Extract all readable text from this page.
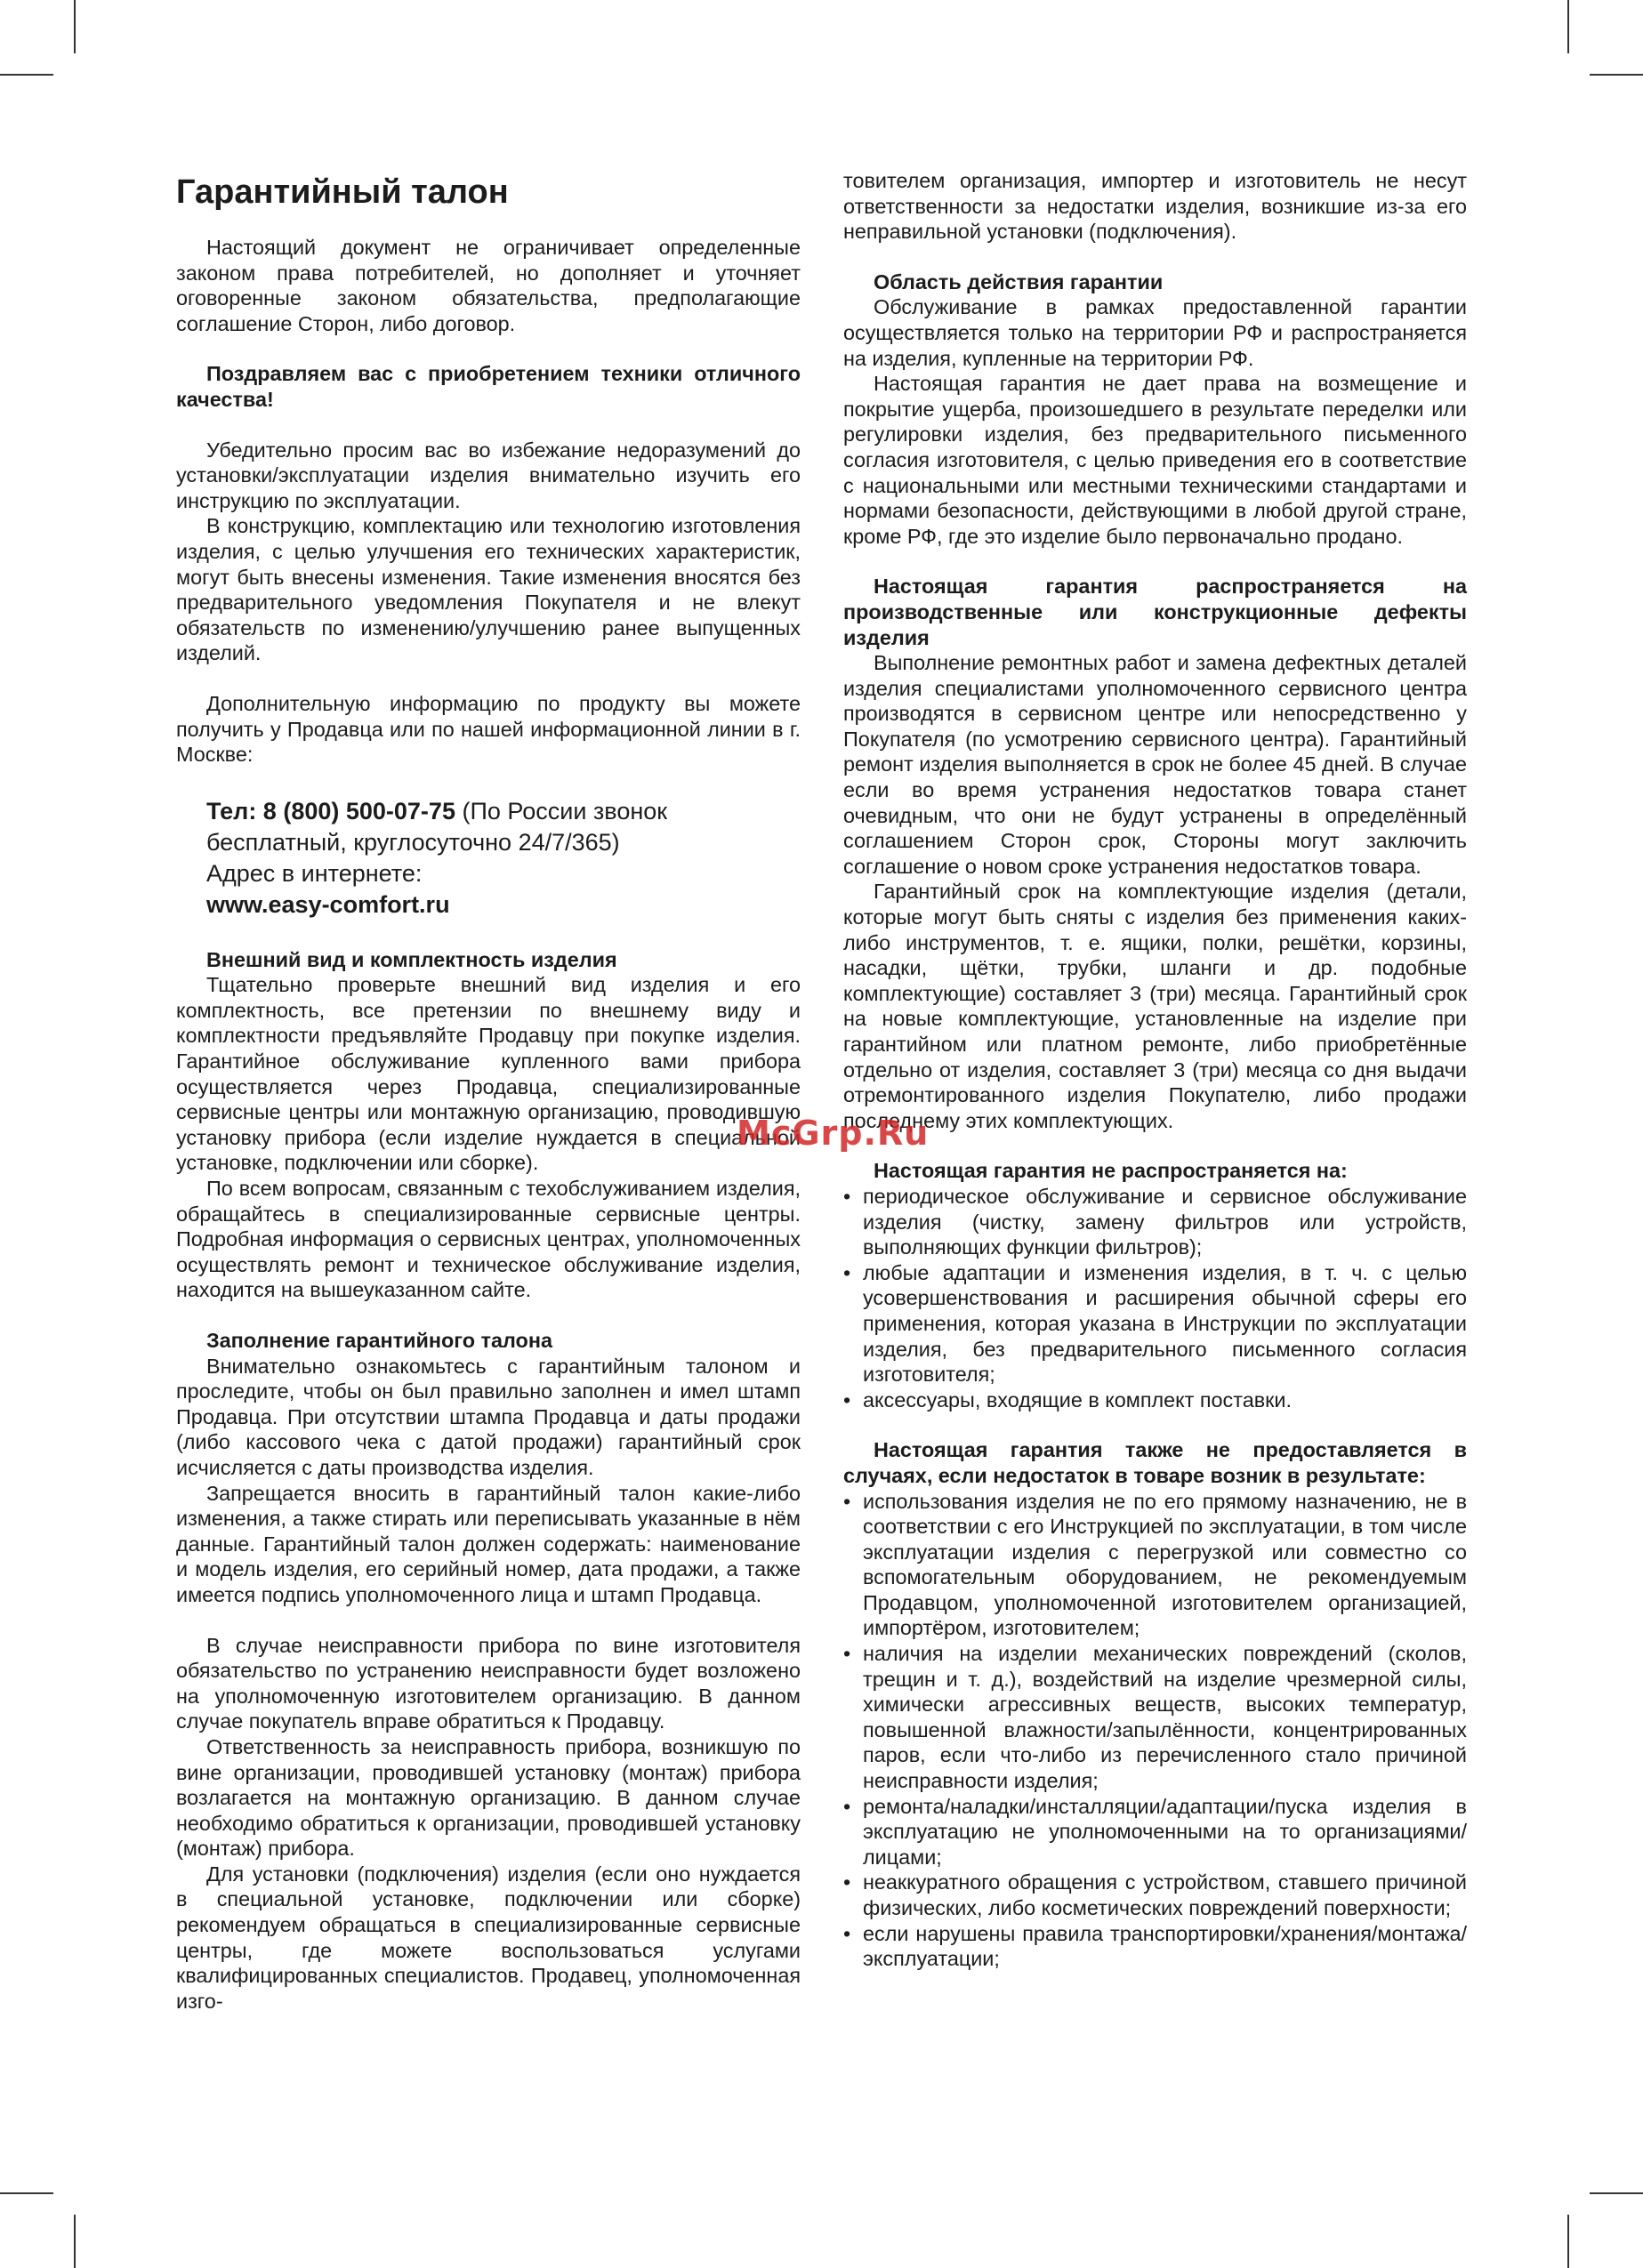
Гарантийный талон

Настоящий документ не ограничивает определенные законом права потребителей, но дополняет и уточняет оговоренные законом обязательства, предполагающие соглашение Сторон, либо договор.

Поздравляем вас с приобретением техники отличного качества!

Убедительно просим вас во избежание недоразумений до установки/эксплуатации изделия внимательно изучить его инструкцию по эксплуатации.

В конструкцию, комплектацию или технологию изготовления изделия, с целью улучшения его технических характеристик, могут быть внесены изменения. Такие изменения вносятся без предварительного уведомления Покупателя и не влекут обязательств по изменению/улучшению ранее выпущенных изделий.

Дополнительную информацию по продукту вы можете получить у Продавца или по нашей информационной линии в г. Москве:

Тел: 8 (800) 500-07-75 (По России звонок бесплатный, круглосуточно 24/7/365)
Адрес в интернете:
www.easy-comfort.ru

Внешний вид и комплектность изделия

Тщательно проверьте внешний вид изделия и его комплектность, все претензии по внешнему виду и комплектности предъявляйте Продавцу при покупке изделия. Гарантийное обслуживание купленного вами прибора осуществляется через Продавца, специализированные сервисные центры или монтажную организацию, проводившую установку прибора (если изделие нуждается в специальной установке, подключении или сборке).

По всем вопросам, связанным с техобслуживанием изделия, обращайтесь в специализированные сервисные центры. Подробная информация о сервисных центрах, уполномоченных осуществлять ремонт и техническое обслуживание изделия, находится на вышеуказанном сайте.

Заполнение гарантийного талона

Внимательно ознакомьтесь с гарантийным талоном и проследите, чтобы он был правильно заполнен и имел штамп Продавца. При отсутствии штампа Продавца и даты продажи (либо кассового чека с датой продажи) гарантийный срок исчисляется с даты производства изделия.

Запрещается вносить в гарантийный талон какие-либо изменения, а также стирать или переписывать указанные в нём данные. Гарантийный талон должен содержать: наименование и модель изделия, его серийный номер, дата продажи, а также имеется подпись уполномоченного лица и штамп Продавца.

В случае неисправности прибора по вине изготовителя обязательство по устранению неисправности будет возложено на уполномоченную изготовителем организацию. В данном случае покупатель вправе обратиться к Продавцу.

Ответственность за неисправность прибора, возникшую по вине организации, проводившей установку (монтаж) прибора возлагается на монтажную организацию. В данном случае необходимо обратиться к организации, проводившей установку (монтаж) прибора.

Для установки (подключения) изделия (если оно нуждается в специальной установке, подключении или сборке) рекомендуем обращаться в специализированные сервисные центры, где можете воспользоваться услугами квалифицированных специалистов. Продавец, уполномоченная изго-

товителем организация, импортер и изготовитель не несут ответственности за недостатки изделия, возникшие из-за его неправильной установки (подключения).

Область действия гарантии

Обслуживание в рамках предоставленной гарантии осуществляется только на территории РФ и распространяется на изделия, купленные на территории РФ.

Настоящая гарантия не дает права на возмещение и покрытие ущерба, произошедшего в результате переделки или регулировки изделия, без предварительного письменного согласия изготовителя, с целью приведения его в соответствие с национальными или местными техническими стандартами и нормами безопасности, действующими в любой другой стране, кроме РФ, где это изделие было первоначально продано.

Настоящая гарантия распространяется на производственные или конструкционные дефекты изделия

Выполнение ремонтных работ и замена дефектных деталей изделия специалистами уполномоченного сервисного центра производятся в сервисном центре или непосредственно у Покупателя (по усмотрению сервисного центра). Гарантийный ремонт изделия выполняется в срок не более 45 дней. В случае если во время устранения недостатков товара станет очевидным, что они не будут устранены в определённый соглашением Сторон срок, Стороны могут заключить соглашение о новом сроке устранения недостатков товара.

Гарантийный срок на комплектующие изделия (детали, которые могут быть сняты с изделия без применения каких-либо инструментов, т. е. ящики, полки, решётки, корзины, насадки, щётки, трубки, шланги и др. подобные комплектующие) составляет 3 (три) месяца. Гарантийный срок на новые комплектующие, установленные на изделие при гарантийном или платном ремонте, либо приобретённые отдельно от изделия, составляет 3 (три) месяца со дня выдачи отремонтированного изделия Покупателю, либо продажи последнему этих комплектующих.

Настоящая гарантия не распространяется на:

• периодическое обслуживание и сервисное обслуживание изделия (чистку, замену фильтров или устройств, выполняющих функции фильтров);
• любые адаптации и изменения изделия, в т. ч. с целью усовершенствования и расширения обычной сферы его применения, которая указана в Инструкции по эксплуатации изделия, без предварительного письменного согласия изготовителя;
• аксессуары, входящие в комплект поставки.

Настоящая гарантия также не предоставляется в случаях, если недостаток в товаре возник в результате:

• использования изделия не по его прямому назначению, не в соответствии с его Инструкцией по эксплуатации, в том числе эксплуатации изделия с перегрузкой или совместно со вспомогательным оборудованием, не рекомендуемым Продавцом, уполномоченной изготовителем организацией, импортёром, изготовителем;
• наличия на изделии механических повреждений (сколов, трещин и т. д.), воздействий на изделие чрезмерной силы, химически агрессивных веществ, высоких температур, повышенной влажности/запылённости, концентрированных паров, если что-либо из перечисленного стало причиной неисправности изделия;
• ремонта/наладки/инсталляции/адаптации/пуска изделия в эксплуатацию не уполномоченными на то организациями/ лицами;
• неаккуратного обращения с устройством, ставшего причиной физических, либо косметических повреждений поверхности;
• если нарушены правила транспортировки/хранения/монтажа/эксплуатации;
McGrp.Ru
